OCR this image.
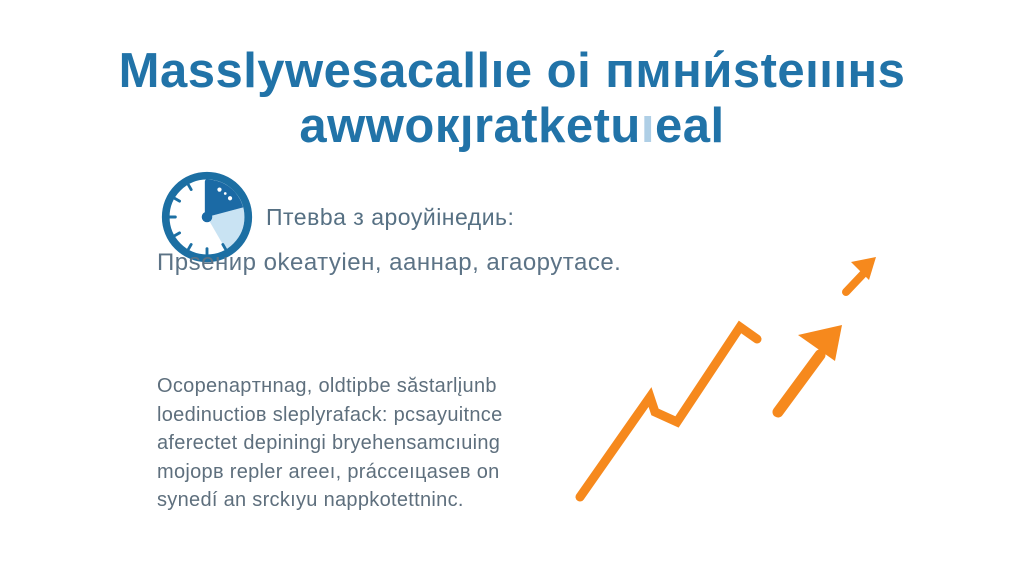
Masslywesacallıe oi пмни́steıııнs
awwoкȷratketuıeal
Птевbа з ароуйінедиь:
Прsенир оkеатуіен, ааннар, агаорутасе.
Ocopenapтнnag, oldtipbe săstarlįunb
loedinuctioв sleplyrafack: pcsayuitnce
aferectet depiningi bryehensamcıuing
mojopв repler areeı, prácceıцasев on
synedí an srckıyu nappkotettninc.
